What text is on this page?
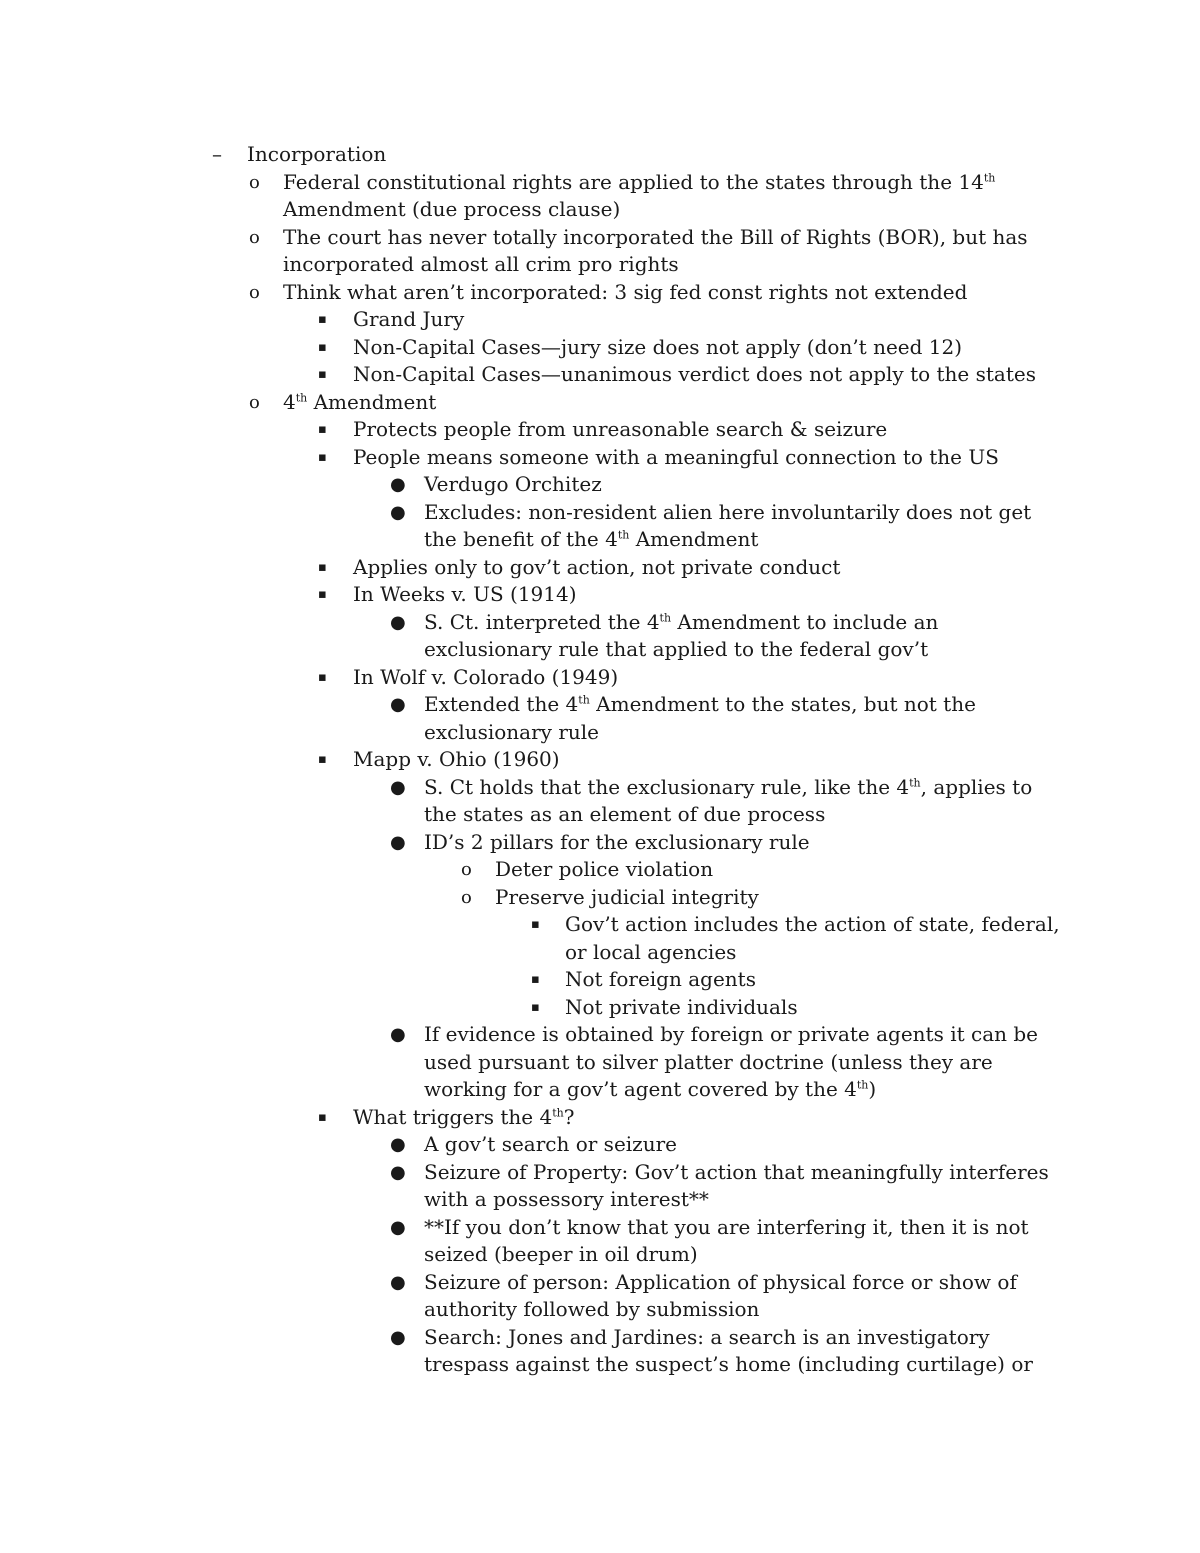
–	Incorporation
o	Federal constitutional rights are applied to the states through the 14th Amendment (due process clause)
o	The court has never totally incorporated the Bill of Rights (BOR), but has incorporated almost all crim pro rights
o	Think what aren’t incorporated: 3 sig fed const rights not extended
▪	Grand Jury
▪	Non-Capital Cases—jury size does not apply (don’t need 12)
▪	Non-Capital Cases—unanimous verdict does not apply to the states
o	4th Amendment
▪	Protects people from unreasonable search & seizure
▪	People means someone with a meaningful connection to the US
● Verdugo Orchitez
● Excludes: non-resident alien here involuntarily does not get the benefit of the 4th Amendment
▪	Applies only to gov’t action, not private conduct
▪	In Weeks v. US (1914)
● S. Ct. interpreted the 4th Amendment to include an exclusionary rule that applied to the federal gov’t
▪	In Wolf v. Colorado (1949)
● Extended the 4th Amendment to the states, but not the exclusionary rule
▪	Mapp v. Ohio (1960)
● S. Ct holds that the exclusionary rule, like the 4th, applies to the states as an element of due process
● ID’s 2 pillars for the exclusionary rule
o	Deter police violation
o	Preserve judicial integrity
▪	Gov’t action includes the action of state, federal, or local agencies
▪	Not foreign agents
▪	Not private individuals
● If evidence is obtained by foreign or private agents it can be used pursuant to silver platter doctrine (unless they are working for a gov’t agent covered by the 4th)
▪	What triggers the 4th?
● A gov’t search or seizure
● Seizure of Property: Gov’t action that meaningfully interferes with a possessory interest**
● **If you don’t know that you are interfering it, then it is not seized (beeper in oil drum)
● Seizure of person: Application of physical force or show of authority followed by submission
● Search: Jones and Jardines: a search is an investigatory trespass against the suspect’s home (including curtilage) or
